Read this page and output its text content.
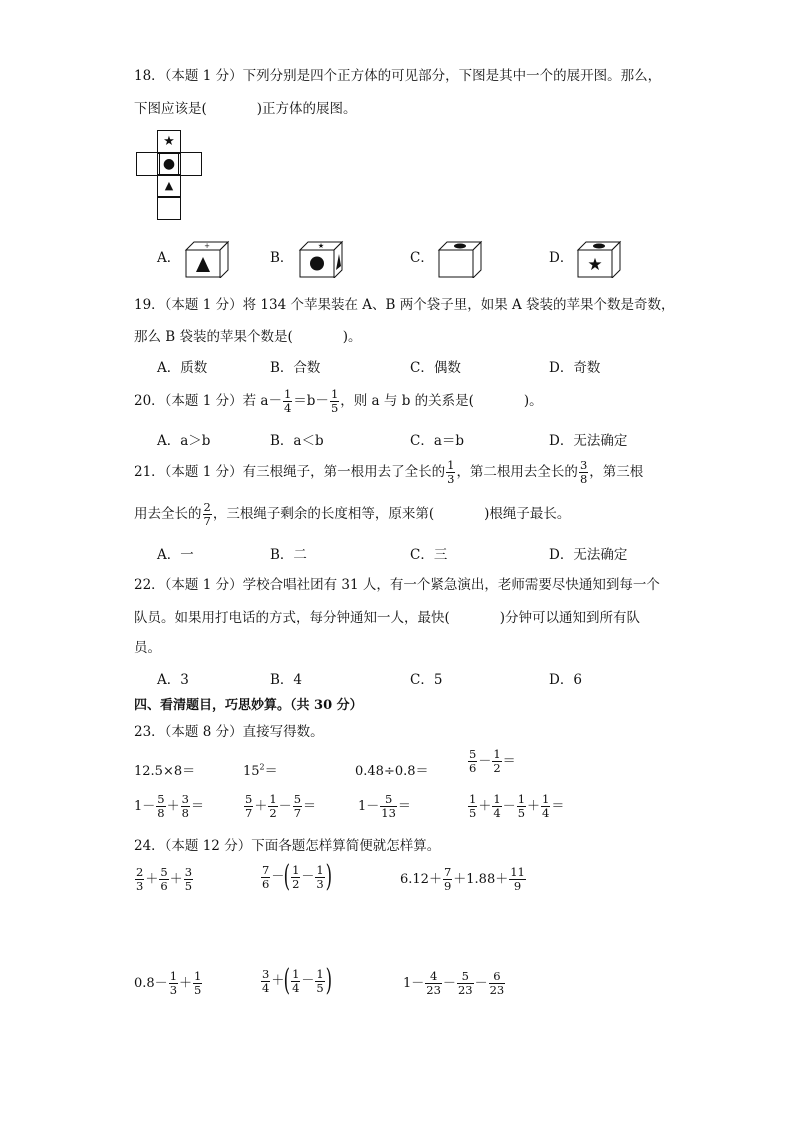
18．（本题 1 分）下列分别是四个正方体的可见部分，下图是其中一个的展开图。那么，
下图应该是(	)正方体的展图。
★
●
▲
A．
+
B．
★
C．	D． ★
19．（本题 1 分）将 134 个苹果装在 A、B 两个袋子里，如果 A 袋装的苹果个数是奇数，
那么 B 袋装的苹果个数是(	)。
A．质数	B．合数	C．偶数	D．奇数
20．（本题 1 分）若 $a- \frac{1}{4} =b- \frac{1}{5}$ ，则 a 与 b 的关系是(	)。
A．a＞b	B．a＜b	C．a＝b	D．无法确定
21．（本题 1 分）有三根绳子，第一根用去了全长的 $\frac{1}{3}$ ，第二根用去全长的 $\frac{3}{8}$ ，第三根
用去全长的 $\frac{2}{7}$ ，三根绳子剩余的长度相等，原来第(	)根绳子最长。
A．一	B．二	C．三	D．无法确定
22．（本题 1 分）学校合唱社团有 31 人，有一个紧急演出，老师需要尽快通知到每一个
队员。如果用打电话的方式，每分钟通知一人，最快(	)分钟可以通知到所有队
员。
A．3	B．4	C．5	D．6
四、看清题目，巧思妙算。（共 30 分）
23．（本题 8 分）直接写得数。
12.5×8＝	$15^2=$	0.48÷0.8＝	$\frac{5}{6} - \frac{1}{2}$ ＝
$1- \frac{5}{8} + \frac{3}{8}$ ＝	$\frac{5}{7} + \frac{1}{2} - \frac{5}{7}$ ＝	$1- \frac{5}{13}$ ＝	$\frac{1}{5} + \frac{1}{4} - \frac{1}{5} + \frac{1}{4}$ ＝
24．（本题 12 分）下面各题怎样算简便就怎样算。
$\frac{2}{3} + \frac{5}{6} + \frac{3}{5}$	$\frac{7}{6}$ －( $\frac{1}{2} - \frac{1}{3}$ )	$6.12+ \frac{7}{9} +1.88+ \frac{11}{9}$
$0.8- \frac{1}{3} + \frac{1}{5}$	$\frac{3}{4}$ ＋( $\frac{1}{4} - \frac{1}{5}$ )	$1- \frac{4}{23} - \frac{5}{23} - \frac{6}{23}$
